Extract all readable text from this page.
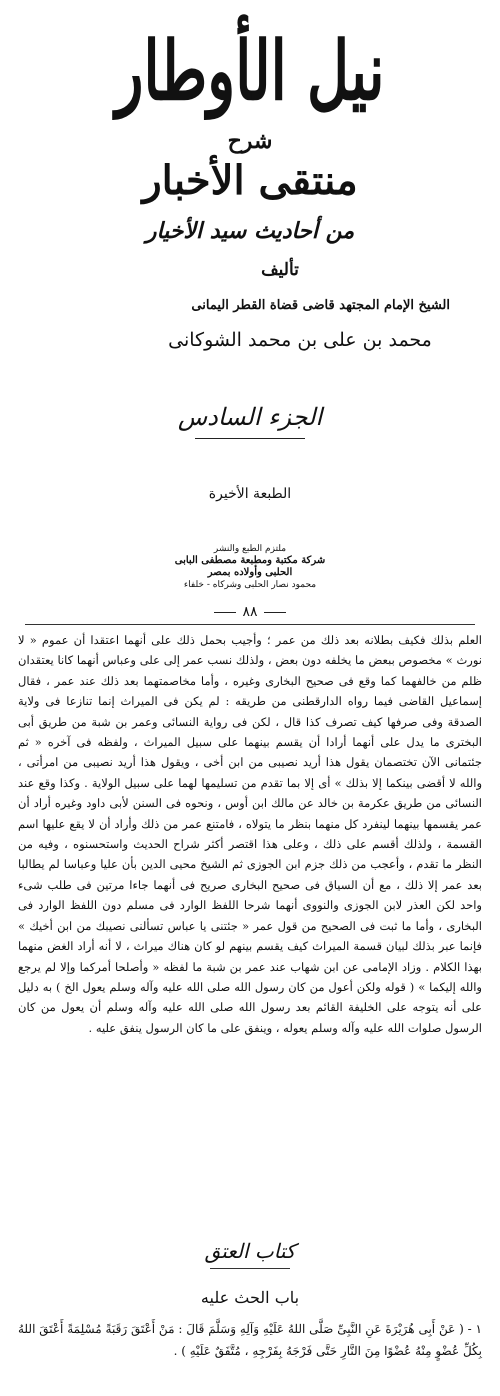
نيل الأوطار
شرح
منتقى الأخبار
من أحاديث سيد الأخيار
تأليف
الشيخ الإمام المجتهد قاضى قضاة القطر اليمانى
محمد بن على بن محمد الشوكانى
الجزء السادس
الطبعة الأخيرة
ملتزم الطبع والنشر
شركة مكتبة ومطبعة مصطفى البابى الحلبى وأولاده بمصر
محمود نصار الحلبى وشركاه - خلفاء
٨٨

العلم بذلك فكيف بطلانه بعد ذلك من عمر ؛ وأجيب بحمل ذلك على أنهما اعتقدا أن عموم « لا نورث » مخصوص ببعض ما يخلفه دون بعض ، ولذلك نسب عمر إلى على وعباس أنهما كانا يعتقدان ظلم من خالفهما كما وقع فى صحيح البخارى وغيره ، وأما مخاصمتهما بعد ذلك عند عمر ، فقال إسماعيل القاضى فيما رواه الدارقطنى من طريقه : لم يكن فى الميراث إنما تنازعا فى ولاية الصدقة وفى صرفها كيف تصرف كذا قال ، لكن فى رواية النسائى وعمر بن شبة من طريق أبى البخترى ما يدل على أنهما أرادا أن يقسم بينهما على سبيل الميراث ، ولفظه فى آخره « ثم جئتمانى الآن تختصمان يقول هذا أريد نصيبى من ابن أخى ، ويقول هذا أريد نصيبى من امرأتى ، والله لا أقضى بينكما إلا بذلك » أى إلا بما تقدم من تسليمها لهما على سبيل الولاية . وكذا وقع عند النسائى من طريق عكرمة بن خالد عن مالك ابن أوس ، ونحوه فى السنن لأبى داود وغيره أراد أن عمر يقسمها بينهما لينفرد كل منهما بنظر ما يتولاه ، فامتنع عمر من ذلك وأراد أن لا يقع عليها اسم القسمة ، ولذلك أقسم على ذلك ، وعلى هذا اقتصر أكثر شراح الحديث واستحسنوه ، وفيه من النظر ما تقدم ، وأعجب من ذلك جزم ابن الجوزى ثم الشيخ محيى الدين بأن عليا وعباسا لم يطالبا بعد عمر إلا ذلك ، مع أن السياق فى صحيح البخارى صريح فى أنهما جاءا مرتين فى طلب شىء واحد لكن العذر لابن الجوزى والنووى أنهما شرحا اللفظ الوارد فى مسلم دون اللفظ الوارد فى البخارى ، وأما ما ثبت فى الصحيح من قول عمر « جئتنى يا عباس تسألنى نصيبك من ابن أخيك » فإنما عبر بذلك لبيان قسمة الميراث كيف يقسم بينهم لو كان هناك ميراث ، لا أنه أراد الغض منهما بهذا الكلام . وزاد الإمامى عن ابن شهاب عند عمر بن شبة ما لفظه « وأصلحا أمركما وإلا لم يرجع والله إليكما » ( قوله ولكن أعول من كان رسول الله صلى الله عليه وآله وسلم يعول الخ ) به دليل على أنه يتوجه على الخليفة القائم بعد رسول الله صلى الله عليه وآله وسلم أن يعول من كان الرسول صلوات الله عليه وآله وسلم يعوله ، وينفق على ما كان الرسول ينفق عليه .

كتاب العتق
باب الحث عليه

١ - ( عَنْ أَبِى هُرَيْرَةَ عَنِ النَّبِىِّ صَلَّى اللهُ عَلَيْهِ وَآلِهِ وَسَلَّمَ قَالَ : مَنْ أَعْتَقَ رَقَبَةً مُسْلِمَةً أَعْتَقَ اللهُ بِكُلِّ عُضْوٍ مِنْهُ عُضْوًا مِنَ النَّارِ حَتَّى فَرْجَهُ بِفَرْجِهِ ، مُتَّفَقٌ عَلَيْهِ ) .
